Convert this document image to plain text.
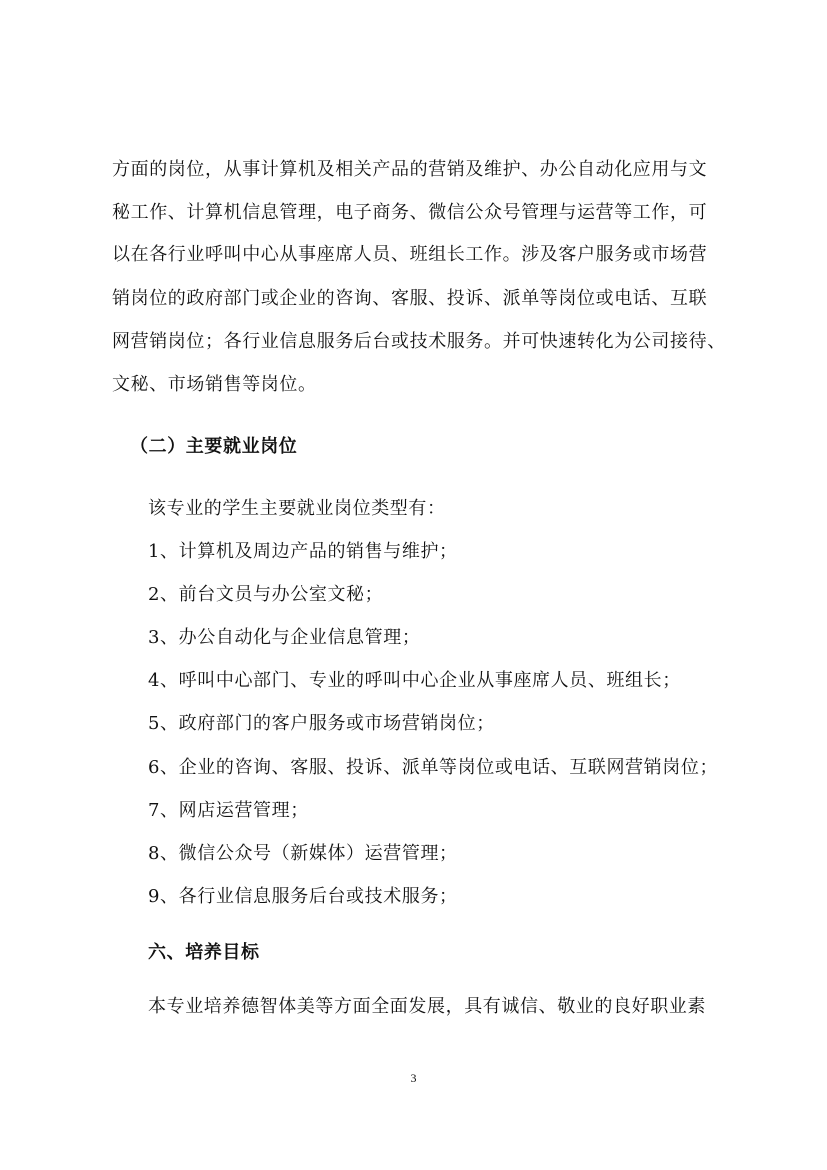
方面的岗位，从事计算机及相关产品的营销及维护、办公自动化应用与文
秘工作、计算机信息管理，电子商务、微信公众号管理与运营等工作，可
以在各行业呼叫中心从事座席人员、班组长工作。涉及客户服务或市场营
销岗位的政府部门或企业的咨询、客服、投诉、派单等岗位或电话、互联
网营销岗位；各行业信息服务后台或技术服务。并可快速转化为公司接待、
文秘、市场销售等岗位。
（二）主要就业岗位
该专业的学生主要就业岗位类型有：
1、计算机及周边产品的销售与维护；
2、前台文员与办公室文秘；
3、办公自动化与企业信息管理；
4、呼叫中心部门、专业的呼叫中心企业从事座席人员、班组长；
5、政府部门的客户服务或市场营销岗位；
6、企业的咨询、客服、投诉、派单等岗位或电话、互联网营销岗位；
7、网店运营管理；
8、微信公众号（新媒体）运营管理；
9、各行业信息服务后台或技术服务；
六、培养目标
本专业培养德智体美等方面全面发展，具有诚信、敬业的良好职业素
3
